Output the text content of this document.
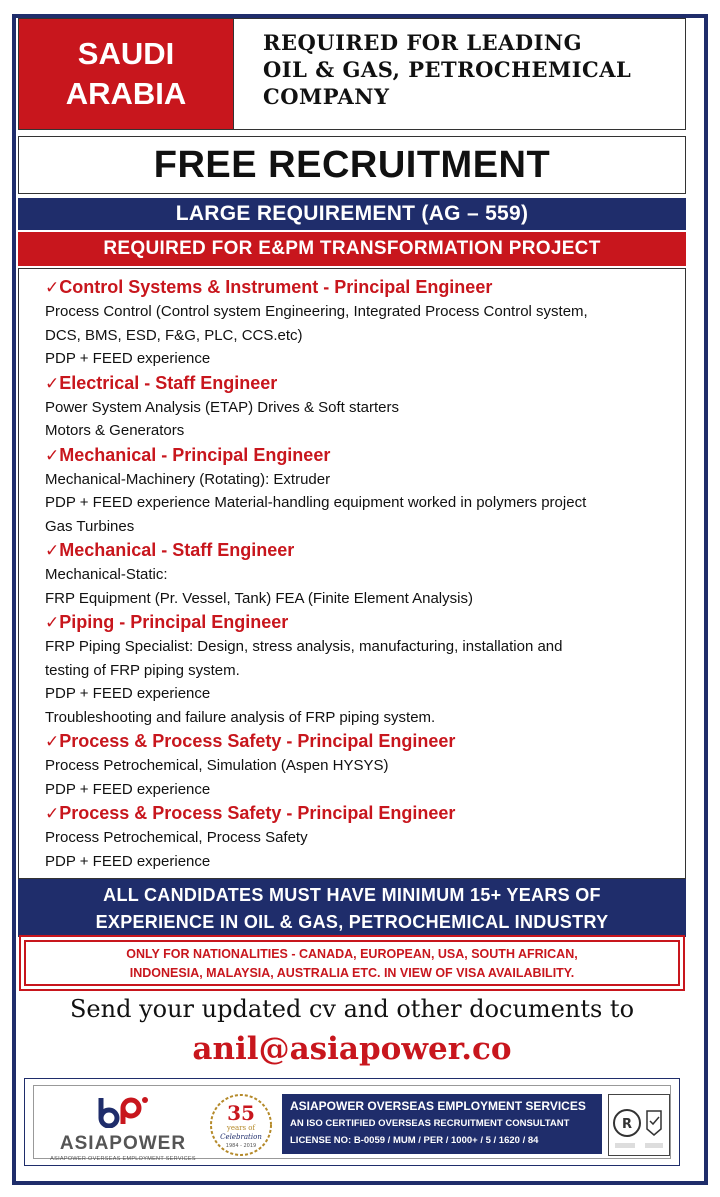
SAUDI
ARABIA
REQUIRED FOR LEADING
OIL & GAS, PETROCHEMICAL
COMPANY
FREE RECRUITMENT
LARGE REQUIREMENT (AG – 559)
REQUIRED FOR E&PM TRANSFORMATION PROJECT
✓Control Systems & Instrument - Principal Engineer
Process Control (Control system Engineering, Integrated Process Control system,
DCS, BMS, ESD, F&G, PLC, CCS.etc)
PDP + FEED experience
✓Electrical - Staff Engineer
Power System Analysis (ETAP) Drives & Soft starters
Motors & Generators
✓Mechanical - Principal Engineer
Mechanical-Machinery (Rotating): Extruder
PDP + FEED experience Material-handling equipment worked in polymers project
Gas Turbines
✓Mechanical - Staff Engineer
Mechanical-Static:
FRP Equipment (Pr. Vessel, Tank) FEA (Finite Element Analysis)
✓Piping - Principal Engineer
FRP Piping Specialist: Design, stress analysis, manufacturing, installation and
testing of FRP piping system.
PDP + FEED experience
Troubleshooting and failure analysis of FRP piping system.
✓Process & Process Safety - Principal Engineer
Process Petrochemical, Simulation (Aspen HYSYS)
PDP + FEED experience
✓Process & Process Safety - Principal Engineer
Process Petrochemical, Process Safety
PDP + FEED experience
ALL CANDIDATES MUST HAVE MINIMUM 15+ YEARS OF
EXPERIENCE IN OIL & GAS, PETROCHEMICAL INDUSTRY
ONLY FOR NATIONALITIES - CANADA, EUROPEAN, USA, SOUTH AFRICAN,
INDONESIA, MALAYSIA, AUSTRALIA ETC. IN VIEW OF VISA AVAILABILITY.
Send your updated cv and other documents to
anil@asiapower.co
ASIAPOWER
ASIAPOWER OVERSEAS EMPLOYMENT SERVICES
35
years of
Celebration
1984 - 2019
ASIAPOWER OVERSEAS EMPLOYMENT SERVICES
AN ISO CERTIFIED OVERSEAS RECRUITMENT CONSULTANT
LICENSE NO: B-0059 / MUM / PER / 1000+ / 5 / 1620 / 84
R
